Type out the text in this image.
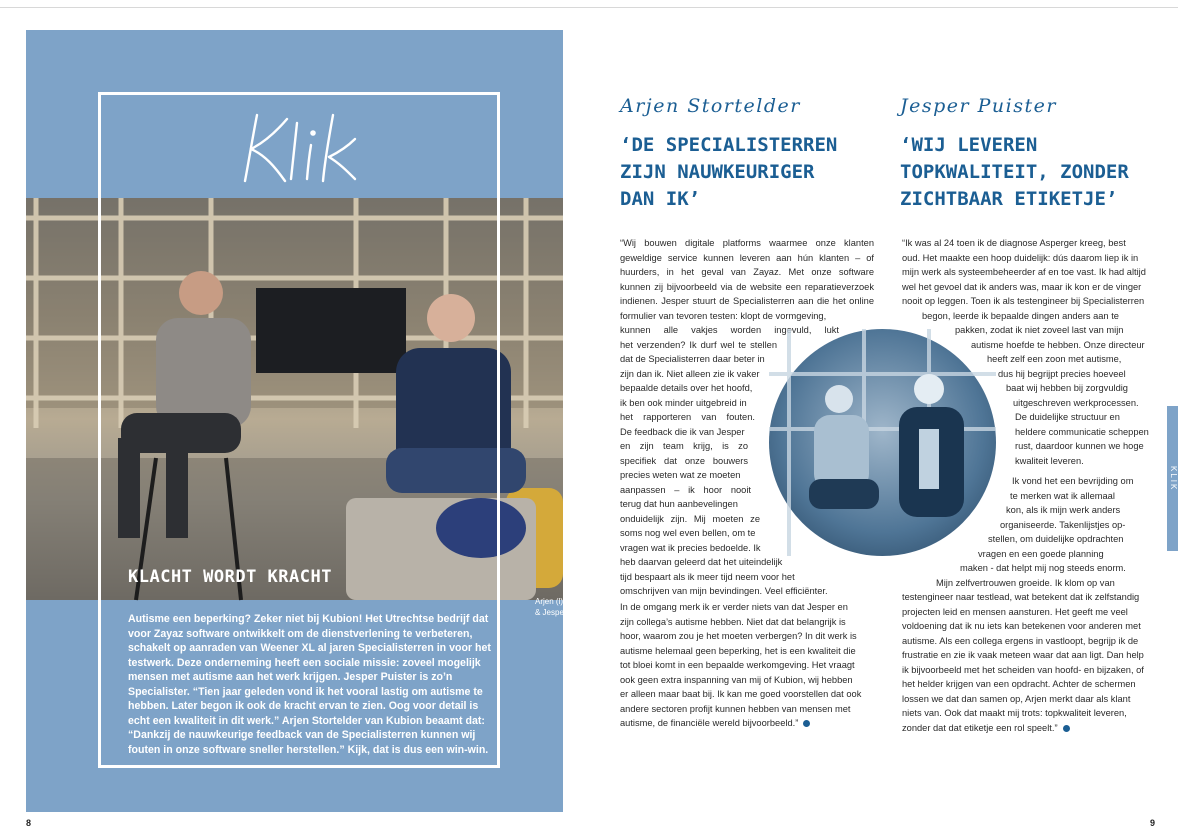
Arjen (l)
& Jesper (r)
KLACHT WORDT KRACHT
Autisme een beperking? Zeker niet bij Kubion! Het Utrechtse bedrijf dat
voor Zayaz software ontwikkelt om de dienstverlening te verbeteren,
schakelt op aanraden van Weener XL al jaren Specialisterren in voor het
testwerk. Deze onderneming heeft een sociale missie: zoveel mogelijk
mensen met autisme aan het werk krijgen. Jesper Puister is zo’n
Specialister. “Tien jaar geleden vond ik het vooral lastig om autisme te
hebben. Later begon ik ook de kracht ervan te zien. Oog voor detail is
echt een kwaliteit in dit werk.” Arjen Stortelder van Kubion beaamt dat:
“Dankzij de nauwkeurige feedback van de Specialisterren kunnen wij
fouten in onze software sneller herstellen.” Kijk, dat is dus een win-win.
8
Arjen Stortelder
‘DE SPECIALISTERREN
ZIJN NAUWKEURIGER
DAN IK’
“Wij bouwen digitale platforms waarmee onze klanten
geweldige service kunnen leveren aan hún klanten – of
huurders, in het geval van Zayaz. Met onze software
kunnen zij bijvoorbeeld via de website een reparatieverzoek
indienen. Jesper stuurt de Specialisterren aan die het online
formulier van tevoren testen: klopt de vormgeving,
kunnen alle vakjes worden ingevuld, lukt
het verzenden? Ik durf wel te stellen
dat de Specialisterren daar beter in
zijn dan ik. Niet alleen zie ik vaker
bepaalde details over het hoofd,
ik ben ook minder uitgebreid in
het rapporteren van fouten.
De feedback die ik van Jesper
en zijn team krijg, is zo
specifiek dat onze bouwers
precies weten wat ze moeten
aanpassen – ik hoor nooit
terug dat hun aanbevelingen
onduidelijk zijn. Mij moeten ze
soms nog wel even bellen, om te
vragen wat ik precies bedoelde. Ik
heb daarvan geleerd dat het uiteindelijk
tijd bespaart als ik meer tijd neem voor het
omschrijven van mijn bevindingen. Veel efficiënter.
In de omgang merk ik er verder niets van dat Jesper en
zijn collega’s autisme hebben. Niet dat dat belangrijk is
hoor, waarom zou je het moeten verbergen? In dit werk is
autisme helemaal geen beperking, het is een kwaliteit die
tot bloei komt in een bepaalde werkomgeving. Het vraagt
ook geen extra inspanning van mij of Kubion, wij hebben
er alleen maar baat bij. Ik kan me goed voorstellen dat ook
andere sectoren profijt kunnen hebben van mensen met
autisme, de financiële wereld bijvoorbeeld.”
Jesper Puister
‘WIJ LEVEREN
TOPKWALITEIT, ZONDER
ZICHTBAAR ETIKETJE’
“Ik was al 24 toen ik de diagnose Asperger kreeg, best
oud. Het maakte een hoop duidelijk: dús daarom liep ik in
mijn werk als systeembeheerder af en toe vast. Ik had altijd
wel het gevoel dat ik anders was, maar ik kon er de vinger
nooit op leggen. Toen ik als testengineer bij Specialisterren
begon, leerde ik bepaalde dingen anders aan te
pakken, zodat ik niet zoveel last van mijn
autisme hoefde te hebben. Onze directeur
heeft zelf een zoon met autisme,
dus hij begrijpt precies hoeveel
baat wij hebben bij zorgvuldig
uitgeschreven werkprocessen.
De duidelijke structuur en
heldere communicatie scheppen
rust, daardoor kunnen we hoge
kwaliteit leveren.
Ik vond het een bevrijding om
te merken wat ik allemaal
kon, als ik mijn werk anders
organiseerde. Takenlijstjes op-
stellen, om duidelijke opdrachten
vragen en een goede planning
maken - dat helpt mij nog steeds enorm.
Mijn zelfvertrouwen groeide. Ik klom op van
testengineer naar testlead, wat betekent dat ik zelfstandig
projecten leid en mensen aansturen. Het geeft me veel
voldoening dat ik nu iets kan betekenen voor anderen met
autisme. Als een collega ergens in vastloopt, begrijp ik de
frustratie en zie ik vaak meteen waar dat aan ligt. Dan help
ik bijvoorbeeld met het scheiden van hoofd- en bijzaken, of
het helder krijgen van een opdracht. Achter de schermen
lossen we dat dan samen op, Arjen merkt daar als klant
niets van. Ook dat maakt mij trots: topkwaliteit leveren,
zonder dat dat etiketje een rol speelt.”
KLIK
9
